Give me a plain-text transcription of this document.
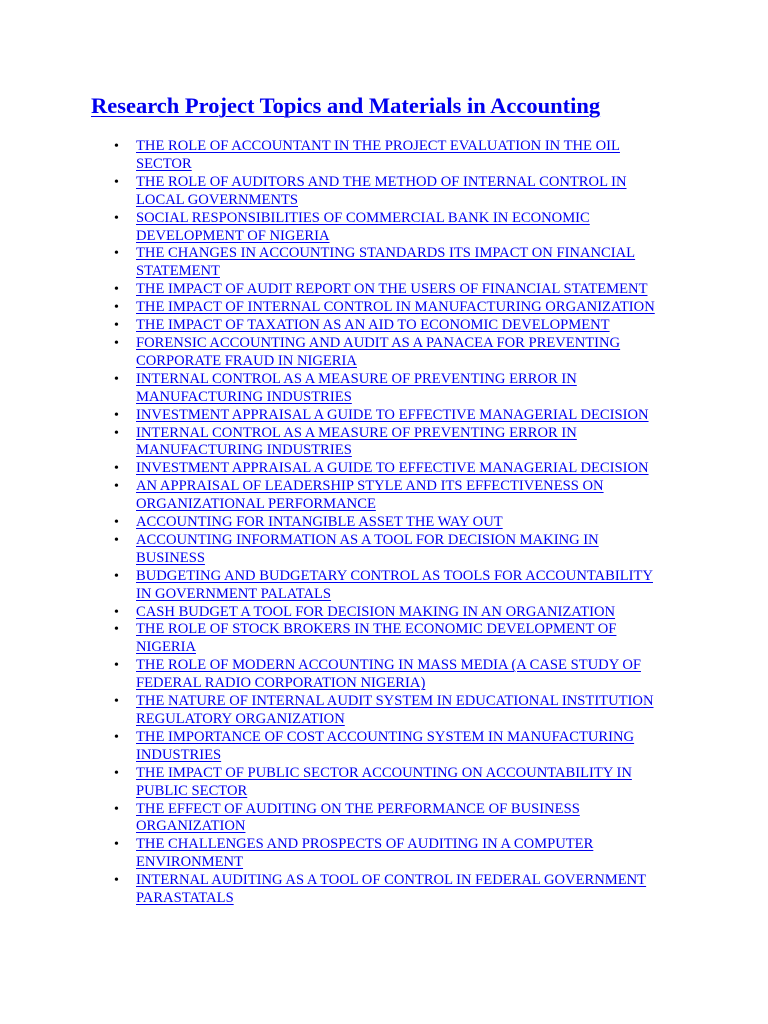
Research Project Topics and Materials in Accounting
•	THE ROLE OF ACCOUNTANT IN THE PROJECT EVALUATION IN THE OIL
SECTOR
•	THE ROLE OF AUDITORS AND THE METHOD OF INTERNAL CONTROL IN
LOCAL GOVERNMENTS
•	SOCIAL RESPONSIBILITIES OF COMMERCIAL BANK IN ECONOMIC
DEVELOPMENT OF NIGERIA
•	THE CHANGES IN ACCOUNTING STANDARDS ITS IMPACT ON FINANCIAL
STATEMENT
•	THE IMPACT OF AUDIT REPORT ON THE USERS OF FINANCIAL STATEMENT
•	THE IMPACT OF INTERNAL CONTROL IN MANUFACTURING ORGANIZATION
•	THE IMPACT OF TAXATION AS AN AID TO ECONOMIC DEVELOPMENT
•	FORENSIC ACCOUNTING AND AUDIT AS A PANACEA FOR PREVENTING
CORPORATE FRAUD IN NIGERIA
•	INTERNAL CONTROL AS A MEASURE OF PREVENTING ERROR IN
MANUFACTURING INDUSTRIES
•	INVESTMENT APPRAISAL A GUIDE TO EFFECTIVE MANAGERIAL DECISION
•	INTERNAL CONTROL AS A MEASURE OF PREVENTING ERROR IN
MANUFACTURING INDUSTRIES
•	INVESTMENT APPRAISAL A GUIDE TO EFFECTIVE MANAGERIAL DECISION
•	AN APPRAISAL OF LEADERSHIP STYLE AND ITS EFFECTIVENESS ON
ORGANIZATIONAL PERFORMANCE
•	ACCOUNTING FOR INTANGIBLE ASSET THE WAY OUT
•	ACCOUNTING INFORMATION AS A TOOL FOR DECISION MAKING IN
BUSINESS
•	BUDGETING AND BUDGETARY CONTROL AS TOOLS FOR ACCOUNTABILITY
IN GOVERNMENT PALATALS
•	CASH BUDGET A TOOL FOR DECISION MAKING IN AN ORGANIZATION
•	THE ROLE OF STOCK BROKERS IN THE ECONOMIC DEVELOPMENT OF
NIGERIA
•	THE ROLE OF MODERN ACCOUNTING IN MASS MEDIA (A CASE STUDY OF
FEDERAL RADIO CORPORATION NIGERIA)
•	THE NATURE OF INTERNAL AUDIT SYSTEM IN EDUCATIONAL INSTITUTION
REGULATORY ORGANIZATION
•	THE IMPORTANCE OF COST ACCOUNTING SYSTEM IN MANUFACTURING
INDUSTRIES
•	THE IMPACT OF PUBLIC SECTOR ACCOUNTING ON ACCOUNTABILITY IN
PUBLIC SECTOR
•	THE EFFECT OF AUDITING ON THE PERFORMANCE OF BUSINESS
ORGANIZATION
•	THE CHALLENGES AND PROSPECTS OF AUDITING IN A COMPUTER
ENVIRONMENT
•	INTERNAL AUDITING AS A TOOL OF CONTROL IN FEDERAL GOVERNMENT
PARASTATALS
